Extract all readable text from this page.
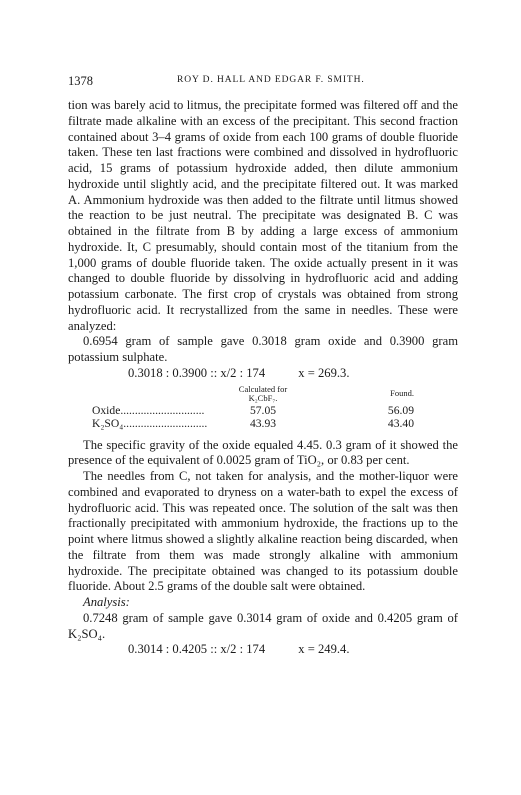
1378	ROY D. HALL AND EDGAR F. SMITH.

tion was barely acid to litmus, the precipitate formed was filtered off and the filtrate made alkaline with an excess of the precipitant. This second fraction contained about 3–4 grams of oxide from each 100 grams of double fluoride taken. These ten last fractions were combined and dissolved in hydrofluoric acid, 15 grams of potassium hydroxide added, then dilute ammonium hydroxide until slightly acid, and the precipitate filtered out. It was marked A. Ammonium hydroxide was then added to the filtrate until litmus showed the reaction to be just neutral. The precipitate was designated B. C was obtained in the filtrate from B by adding a large excess of ammonium hydroxide. It, C presumably, should contain most of the titanium from the 1,000 grams of double fluoride taken. The oxide actually present in it was changed to double fluoride by dissolving in hydrofluoric acid and adding potassium carbonate. The first crop of crystals was obtained from strong hydrofluoric acid. It recrystallized from the same in needles. These were analyzed:

0.6954 gram of sample gave 0.3018 gram oxide and 0.3900 gram potassium sulphate.

0.3018 : 0.3900 :: x/2 : 174	x = 269.3.

	Calculated for
K₂CbF₇.	Found.
Oxide.............................	57.05	56.09
K₂SO₄.............................	43.93	43.40

The specific gravity of the oxide equaled 4.45. 0.3 gram of it showed the presence of the equivalent of 0.0025 gram of TiO₂, or 0.83 per cent.

The needles from C, not taken for analysis, and the mother-liquor were combined and evaporated to dryness on a water-bath to expel the excess of hydrofluoric acid. This was repeated once. The solution of the salt was then fractionally precipitated with ammonium hydroxide, the fractions up to the point where litmus showed a slightly alkaline reaction being discarded, when the filtrate from them was made strongly alkaline with ammonium hydroxide. The precipitate obtained was changed to its potassium double fluoride. About 2.5 grams of the double salt were obtained.

Analysis:

0.7248 gram of sample gave 0.3014 gram of oxide and 0.4205 gram of K₂SO₄.

0.3014 : 0.4205 :: x/2 : 174	x = 249.4.
